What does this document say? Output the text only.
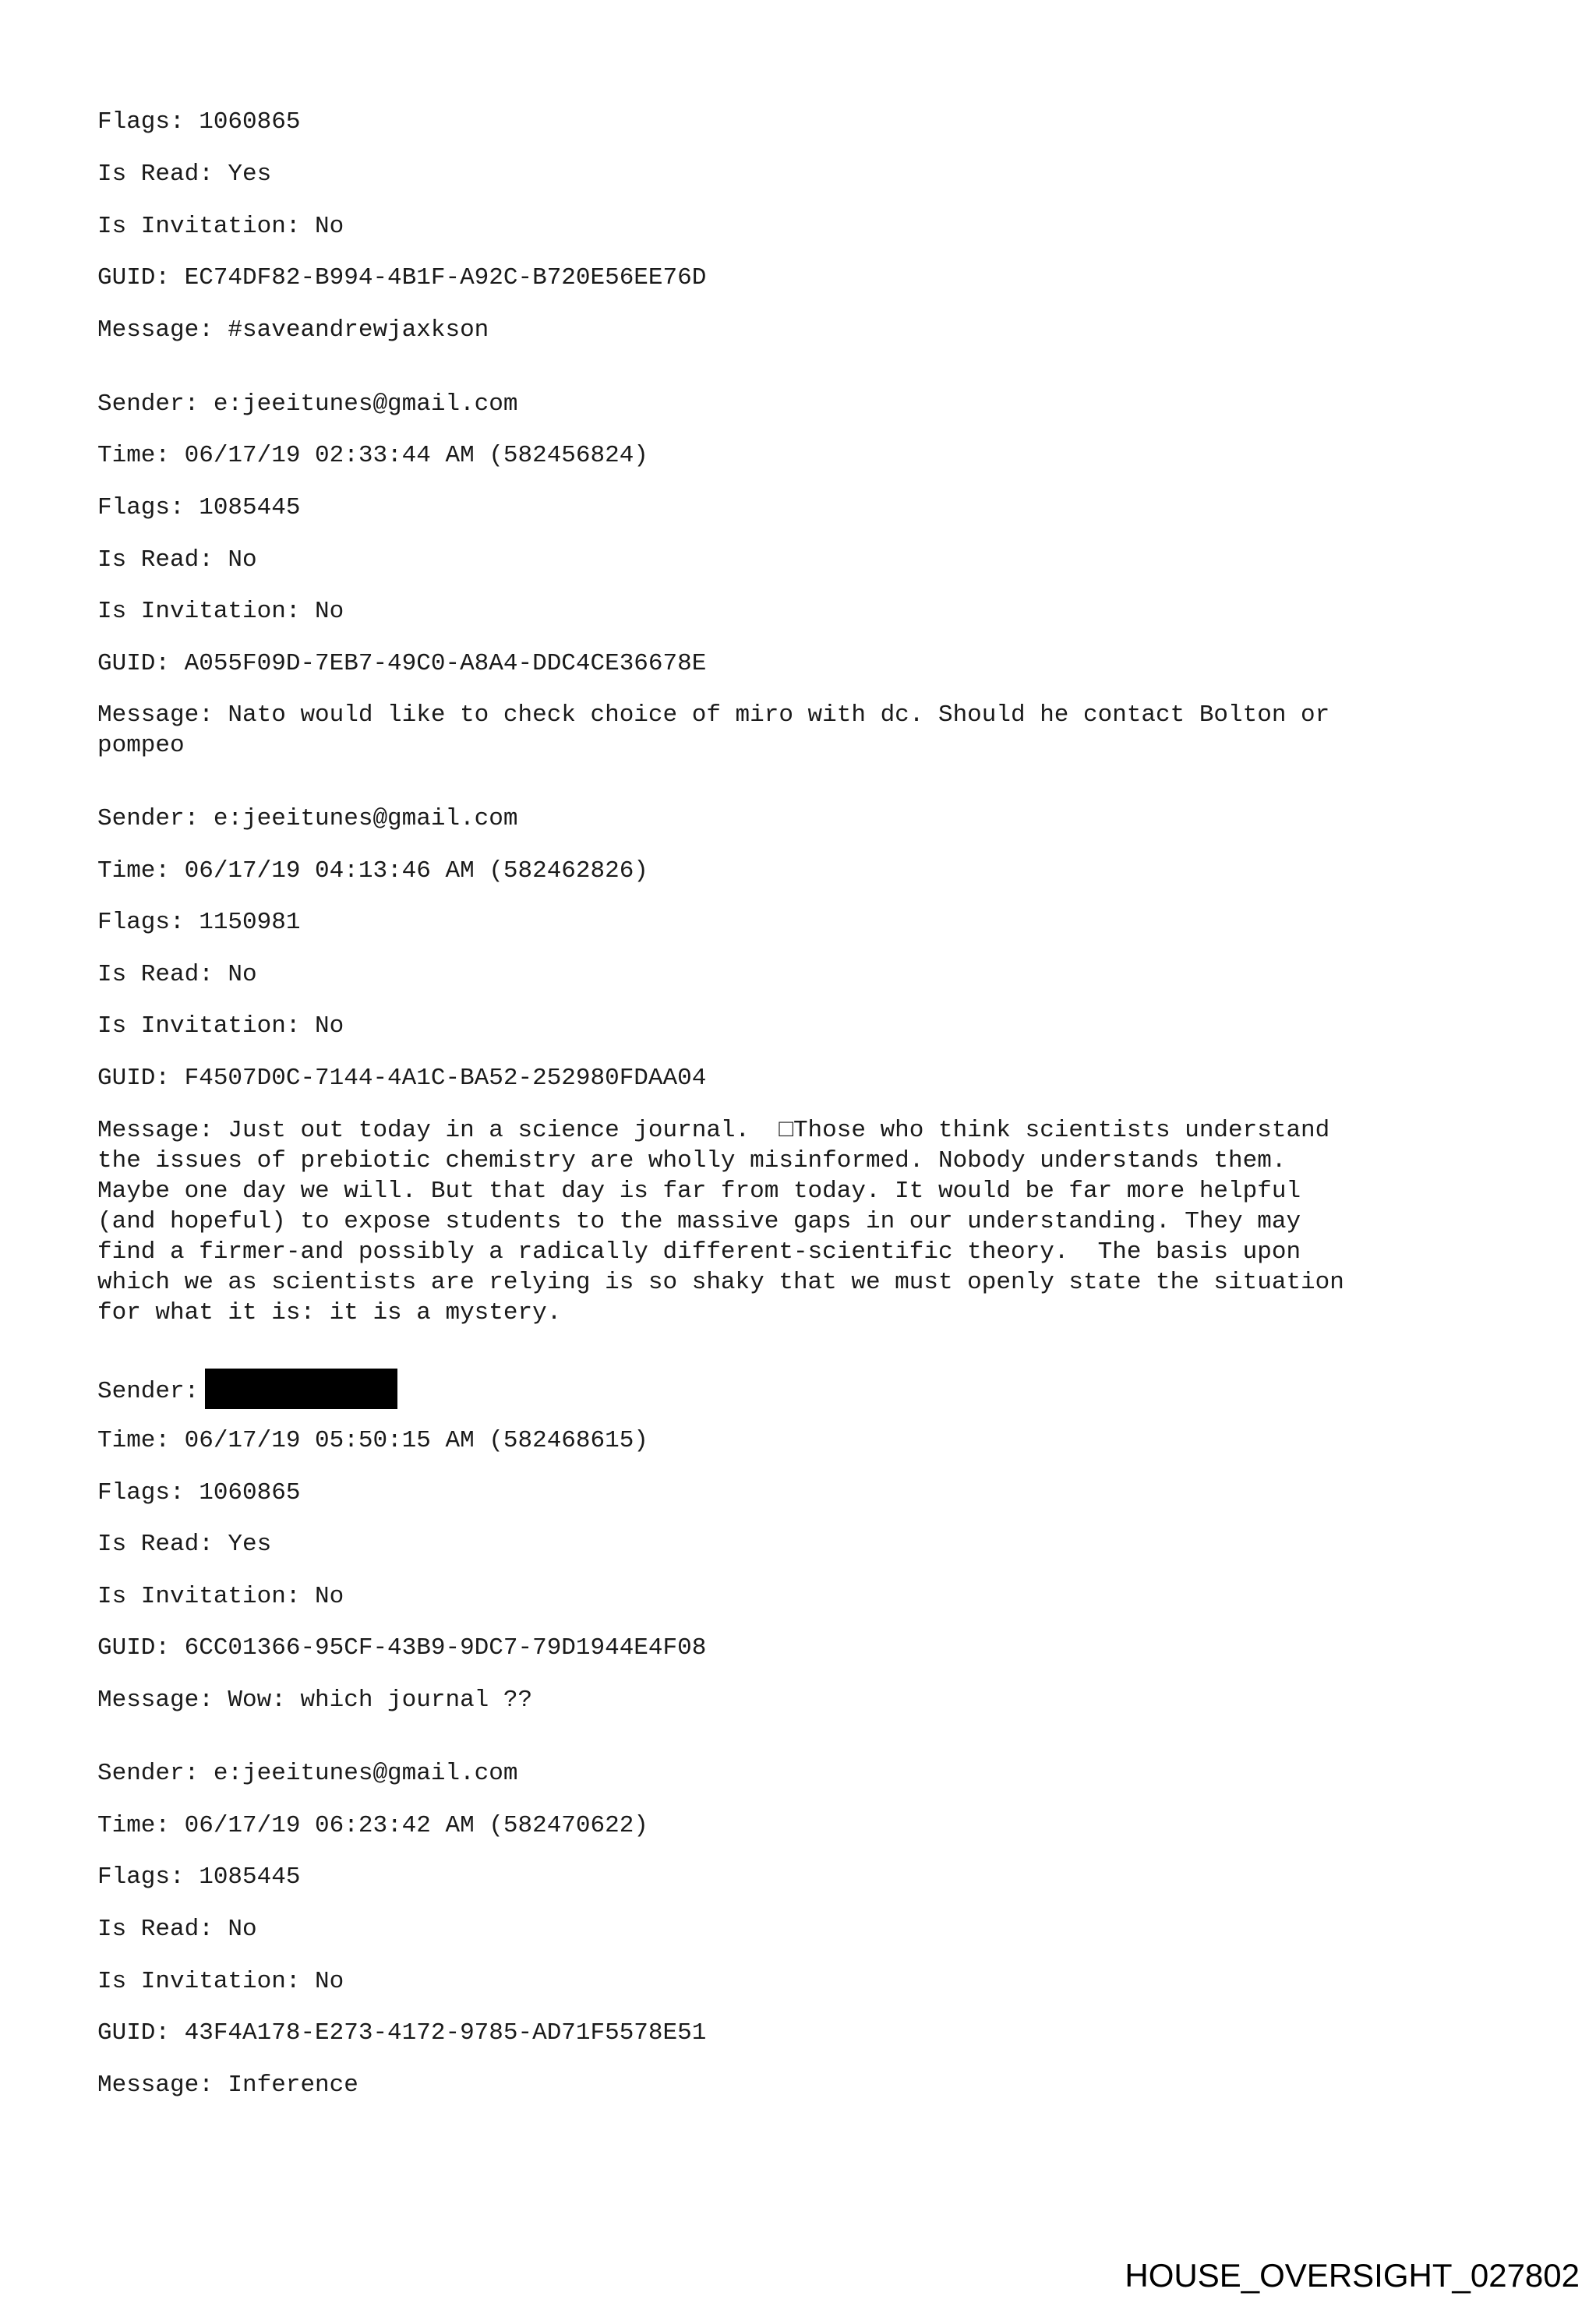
Flags: 1060865
Is Read: Yes
Is Invitation: No
GUID: EC74DF82-B994-4B1F-A92C-B720E56EE76D
Message: #saveandrewjaxkson
Sender: e:jeeitunes@gmail.com
Time: 06/17/19 02:33:44 AM (582456824)
Flags: 1085445
Is Read: No
Is Invitation: No
GUID: A055F09D-7EB7-49C0-A8A4-DDC4CE36678E
Message: Nato would like to check choice of miro with dc. Should he contact Bolton or
pompeo
Sender: e:jeeitunes@gmail.com
Time: 06/17/19 04:13:46 AM (582462826)
Flags: 1150981
Is Read: No
Is Invitation: No
GUID: F4507D0C-7144-4A1C-BA52-252980FDAA04
Message: Just out today in a science journal.  □Those who think scientists understand
the issues of prebiotic chemistry are wholly misinformed. Nobody understands them.
Maybe one day we will. But that day is far from today. It would be far more helpful
(and hopeful) to expose students to the massive gaps in our understanding. They may
find a firmer-and possibly a radically different-scientific theory.  The basis upon
which we as scientists are relying is so shaky that we must openly state the situation
for what it is: it is a mystery.
Sender:
Time: 06/17/19 05:50:15 AM (582468615)
Flags: 1060865
Is Read: Yes
Is Invitation: No
GUID: 6CC01366-95CF-43B9-9DC7-79D1944E4F08
Message: Wow: which journal ??
Sender: e:jeeitunes@gmail.com
Time: 06/17/19 06:23:42 AM (582470622)
Flags: 1085445
Is Read: No
Is Invitation: No
GUID: 43F4A178-E273-4172-9785-AD71F5578E51
Message: Inference
HOUSE_OVERSIGHT_027802
